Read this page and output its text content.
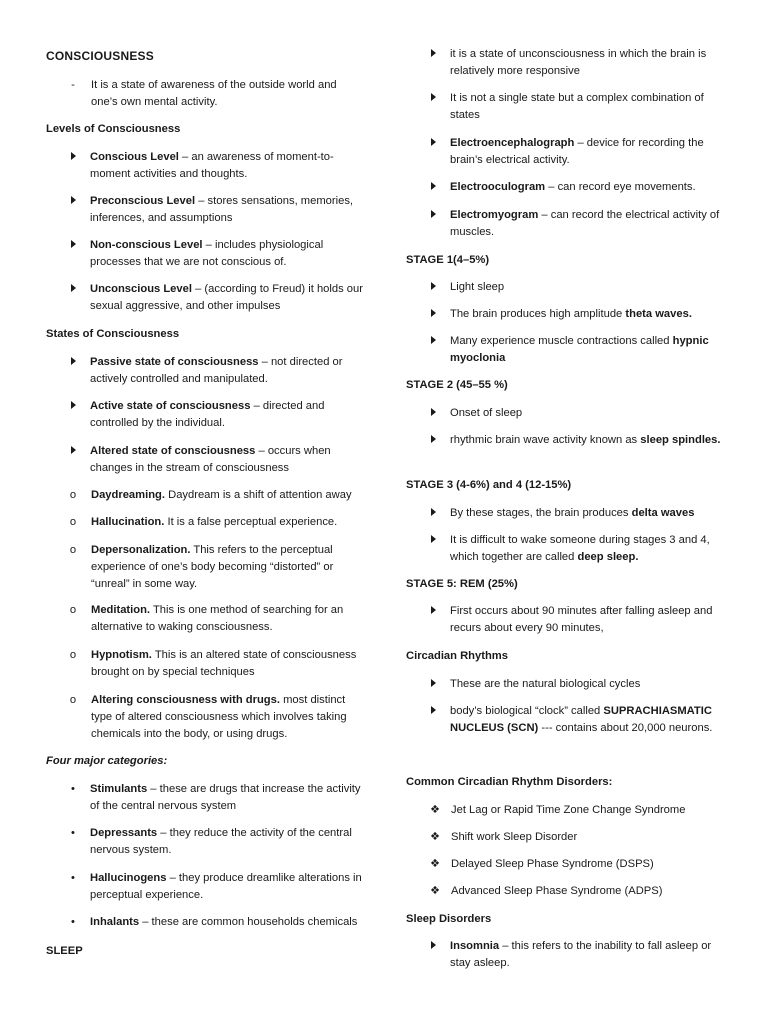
CONSCIOUSNESS
-	It is a state of awareness of the outside world and one’s own mental activity.
Levels of Consciousness
Conscious Level – an awareness of moment-to-moment activities and thoughts.
Preconscious Level – stores sensations, memories, inferences, and assumptions
Non-conscious Level – includes physiological processes that we are not conscious of.
Unconscious Level – (according to Freud) it holds our sexual aggressive, and other impulses
States of Consciousness
Passive state of consciousness – not directed or actively controlled and manipulated.
Active state of consciousness – directed and controlled by the individual.
Altered state of consciousness – occurs when changes in the stream of consciousness
o	Daydreaming. Daydream is a shift of attention away
o	Hallucination. It is a false perceptual experience.
o	Depersonalization. This refers to the perceptual experience of one’s body becoming “distorted” or “unreal” in some way.
o	Meditation. This is one method of searching for an alternative to waking consciousness.
o	Hypnotism. This is an altered state of consciousness brought on by special techniques
o	Altering consciousness with drugs. most distinct type of altered consciousness which involves taking chemicals into the body, or using drugs.
Four major categories:
•	Stimulants – these are drugs that increase the activity of the central nervous system
•	Depressants – they reduce the activity of the central nervous system.
•	Hallucinogens – they produce dreamlike alterations in perceptual experience.
•	Inhalants – these are common households chemicals
SLEEP
it is a state of unconsciousness in which the brain is relatively more responsive
It is not a single state but a complex combination of states
Electroencephalograph – device for recording the brain’s electrical activity.
Electrooculogram – can record eye movements.
Electromyogram – can record the electrical activity of muscles.
STAGE 1(4–5%)
Light sleep
The brain produces high amplitude theta waves.
Many experience muscle contractions called hypnic myoclonia
STAGE 2 (45–55 %)
Onset of sleep
rhythmic brain wave activity known as sleep spindles.
STAGE 3 (4-6%) and 4 (12-15%)
By these stages, the brain produces delta waves
It is difficult to wake someone during stages 3 and 4, which together are called deep sleep.
STAGE 5: REM (25%)
First occurs about 90 minutes after falling asleep and recurs about every 90 minutes,
Circadian Rhythms
These are the natural biological cycles
body’s biological “clock” called SUPRACHIASMATIC NUCLEUS (SCN) --- contains about 20,000 neurons.
Common Circadian Rhythm Disorders:
❖ Jet Lag or Rapid Time Zone Change Syndrome
❖ Shift work Sleep Disorder
❖ Delayed Sleep Phase Syndrome (DSPS)
❖ Advanced Sleep Phase Syndrome (ADPS)
Sleep Disorders
Insomnia – this refers to the inability to fall asleep or stay asleep.
